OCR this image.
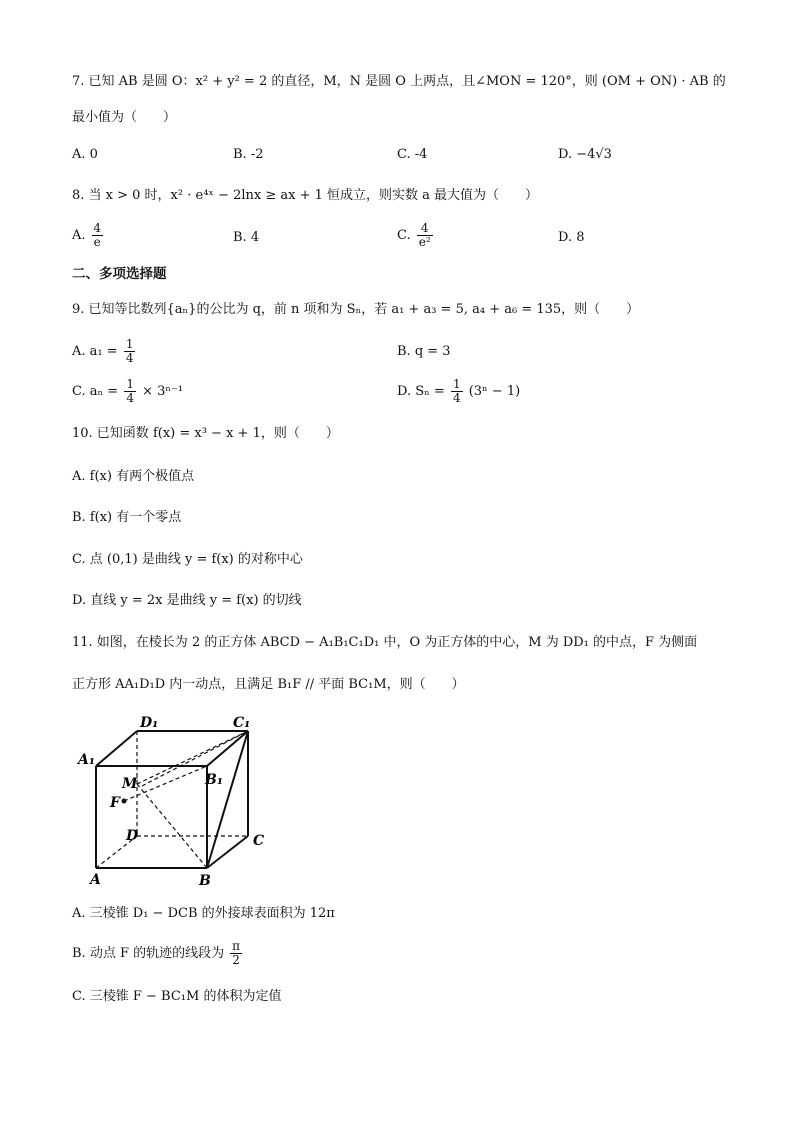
7. 已知 AB 是圆 O：x² + y² = 2 的直径，M，N 是圆 O 上两点，且∠MON = 120°，则 (OM + ON) · AB 的
最小值为（　　）
A. 0	B. -2	C. -4	D. −4√3
8. 当 x > 0 时，x² · e⁴ˣ − 2lnx ≥ ax + 1 恒成立，则实数 a 最大值为（　　）
A. $\frac{4}{e}$	B. 4	C. $\frac{4}{\text{e²}}$	D. 8
二、多项选择题
9. 已知等比数列{aₙ}的公比为 q，前 n 项和为 Sₙ，若 a₁ + a₃ = 5, a₄ + a₆ = 135，则（　　）
A. $a_1 = \frac{1}{4}$	B. q = 3
C. $a_n = \frac{1}{4} \times 3^{n-1}$	D. $S_n = \frac{1}{4} (3^n - 1)$
10. 已知函数 f(x) = x³ − x + 1，则（　　）
A. f(x) 有两个极值点
B. f(x) 有一个零点
C. 点 (0,1) 是曲线 y = f(x) 的对称中心
D. 直线 y = 2x 是曲线 y = f(x) 的切线
11. 如图，在棱长为 2 的正方体 ABCD − A₁B₁C₁D₁ 中，O 为正方体的中心，M 为 DD₁ 的中点，F 为侧面
正方形 AA₁D₁D 内一动点，且满足 B₁F // 平面 BC₁M，则（　　）
D₁	C₁
A₁
B₁
M
F
D	C
A	B
A. 三棱锥 D₁ − DCB 的外接球表面积为 12π
B. 动点 F 的轨迹的线段为 $\frac{\pi}{2}$
C. 三棱锥 F − BC₁M 的体积为定值
